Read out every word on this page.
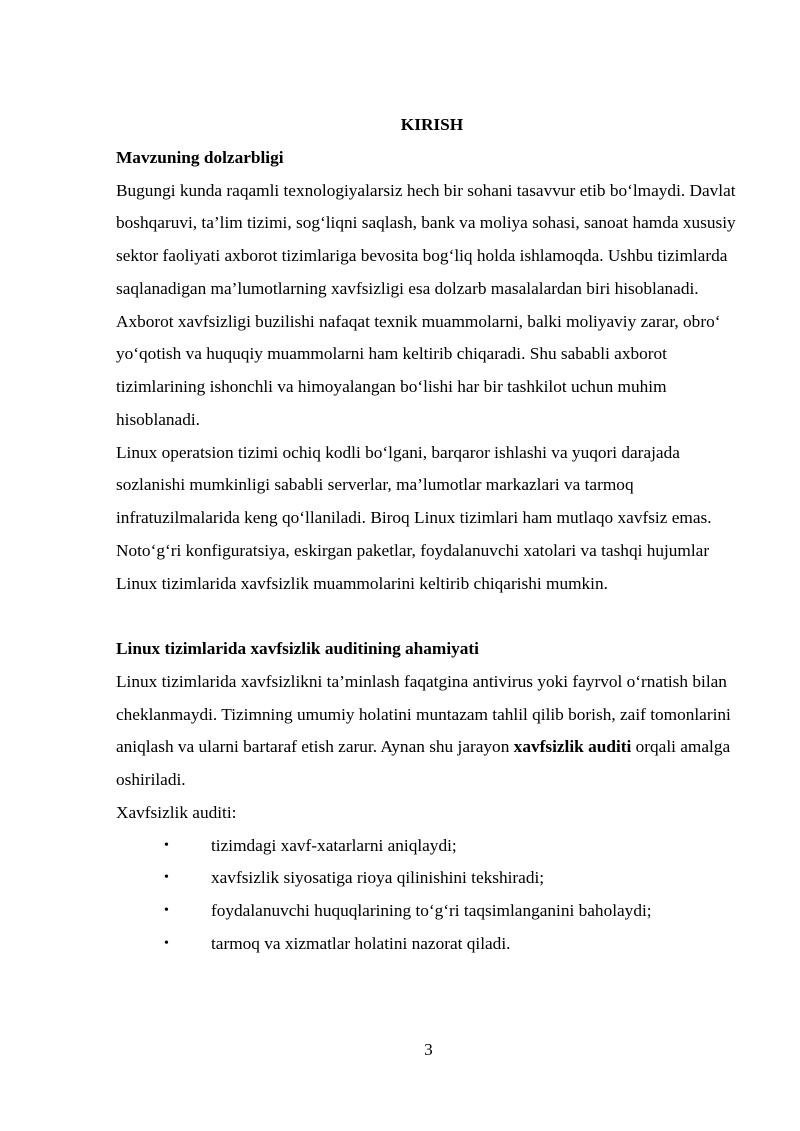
KIRISH

Mavzuning dolzarbligi

Bugungi kunda raqamli texnologiyalarsiz hech bir sohani tasavvur etib bo‘lmaydi. Davlat boshqaruvi, ta’lim tizimi, sog‘liqni saqlash, bank va moliya sohasi, sanoat hamda xususiy sektor faoliyati axborot tizimlariga bevosita bog‘liq holda ishlamoqda. Ushbu tizimlarda saqlanadigan ma’lumotlarning xavfsizligi esa dolzarb masalalardan biri hisoblanadi.

Axborot xavfsizligi buzilishi nafaqat texnik muammolarni, balki moliyaviy zarar, obro‘ yo‘qotish va huquqiy muammolarni ham keltirib chiqaradi. Shu sababli axborot tizimlarining ishonchli va himoyalangan bo‘lishi har bir tashkilot uchun muhim hisoblanadi.

Linux operatsion tizimi ochiq kodli bo‘lgani, barqaror ishlashi va yuqori darajada sozlanishi mumkinligi sababli serverlar, ma’lumotlar markazlari va tarmoq infratuzilmalarida keng qo‘llaniladi. Biroq Linux tizimlari ham mutlaqo xavfsiz emas. Noto‘g‘ri konfiguratsiya, eskirgan paketlar, foydalanuvchi xatolari va tashqi hujumlar Linux tizimlarida xavfsizlik muammolarini keltirib chiqarishi mumkin.

Linux tizimlarida xavfsizlik auditining ahamiyati

Linux tizimlarida xavfsizlikni ta’minlash faqatgina antivirus yoki fayrvol o‘rnatish bilan cheklanmaydi. Tizimning umumiy holatini muntazam tahlil qilib borish, zaif tomonlarini aniqlash va ularni bartaraf etish zarur. Aynan shu jarayon xavfsizlik auditi orqali amalga oshiriladi.

Xavfsizlik auditi:

• tizimdagi xavf-xatarlarni aniqlaydi;
• xavfsizlik siyosatiga rioya qilinishini tekshiradi;
• foydalanuvchi huquqlarining to‘g‘ri taqsimlanganini baholaydi;
• tarmoq va xizmatlar holatini nazorat qiladi.
3
